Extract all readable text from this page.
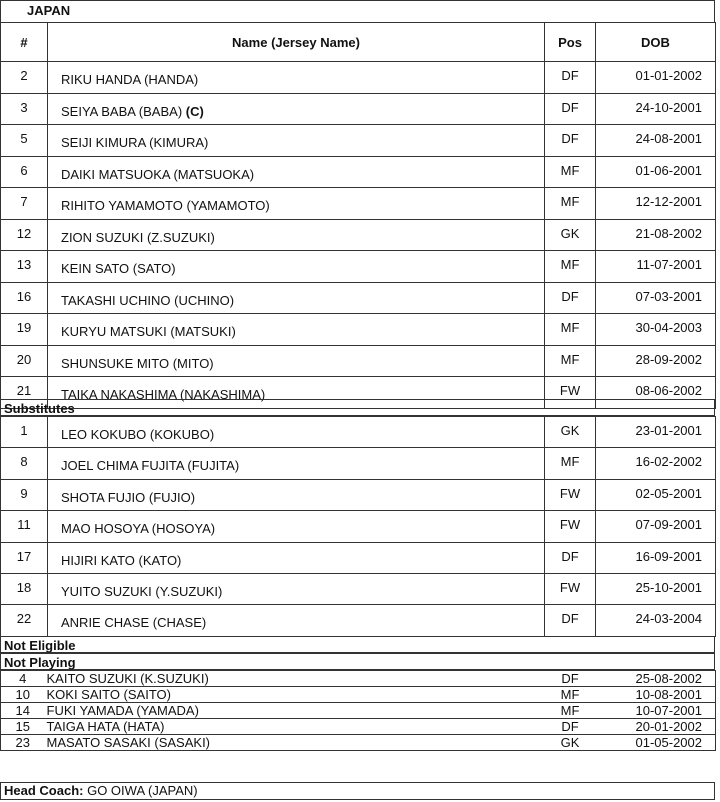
JAPAN
#	Name (Jersey Name)	Pos	DOB
2	RIKU HANDA (HANDA)	DF	01-01-2002
3	SEIYA BABA (BABA) (C)	DF	24-10-2001
5	SEIJI KIMURA (KIMURA)	DF	24-08-2001
6	DAIKI MATSUOKA (MATSUOKA)	MF	01-06-2001
7	RIHITO YAMAMOTO (YAMAMOTO)	MF	12-12-2001
12	ZION SUZUKI (Z.SUZUKI)	GK	21-08-2002
13	KEIN SATO (SATO)	MF	11-07-2001
16	TAKASHI UCHINO (UCHINO)	DF	07-03-2001
19	KURYU MATSUKI (MATSUKI)	MF	30-04-2003
20	SHUNSUKE MITO (MITO)	MF	28-09-2002
21	TAIKA NAKASHIMA (NAKASHIMA)	FW	08-06-2002
Substitutes
1	LEO KOKUBO (KOKUBO)	GK	23-01-2001
8	JOEL CHIMA FUJITA (FUJITA)	MF	16-02-2002
9	SHOTA FUJIO (FUJIO)	FW	02-05-2001
11	MAO HOSOYA (HOSOYA)	FW	07-09-2001
17	HIJIRI KATO (KATO)	DF	16-09-2001
18	YUITO SUZUKI (Y.SUZUKI)	FW	25-10-2001
22	ANRIE CHASE (CHASE)	DF	24-03-2004
Not Eligible
Not Playing
4	KAITO SUZUKI (K.SUZUKI)	DF	25-08-2002
10	KOKI SAITO (SAITO)	MF	10-08-2001
14	FUKI YAMADA (YAMADA)	MF	10-07-2001
15	TAIGA HATA (HATA)	DF	20-01-2002
23	MASATO SASAKI (SASAKI)	GK	01-05-2002
Head Coach: GO OIWA (JAPAN)
